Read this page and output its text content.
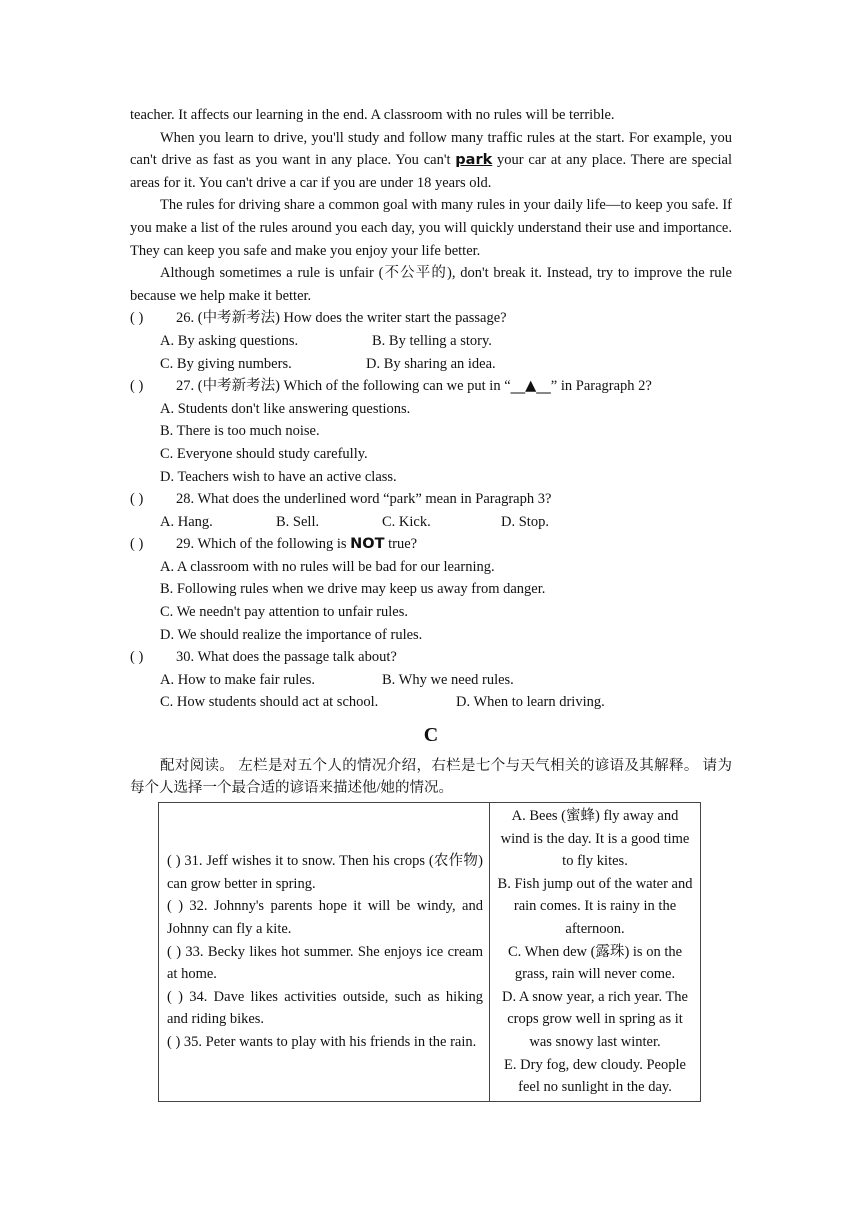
teacher. It affects our learning in the end. A classroom with no rules will be terrible.

When you learn to drive, you'll study and follow many traffic rules at the start. For example, you can't drive as fast as you want in any place. You can't park your car at any place. There are special areas for it. You can't drive a car if you are under 18 years old.

The rules for driving share a common goal with many rules in your daily life—to keep you safe. If you make a list of the rules around you each day, you will quickly understand their use and importance. They can keep you safe and make you enjoy your life better.

Although sometimes a rule is unfair (不公平的), don't break it. Instead, try to improve the rule because we help make it better.

( )	26. (中考新考法) How does the writer start the passage?
A. By asking questions.	B. By telling a story.
C. By giving numbers.	D. By sharing an idea.
( )	27. (中考新考法) Which of the following can we put in “__▲__” in Paragraph 2?
A. Students don't like answering questions.
B. There is too much noise.
C. Everyone should study carefully.
D. Teachers wish to have an active class.
( )	28. What does the underlined word “park” mean in Paragraph 3?
A. Hang.	B. Sell.	C. Kick.	D. Stop.
( )	29. Which of the following is NOT true?
A. A classroom with no rules will be bad for our learning.
B. Following rules when we drive may keep us away from danger.
C. We needn't pay attention to unfair rules.
D. We should realize the importance of rules.
( )	30. What does the passage talk about?
A. How to make fair rules.	B. Why we need rules.
C. How students should act at school.	D. When to learn driving.
C

配对阅读。 左栏是对五个人的情况介绍，右栏是七个与天气相关的谚语及其解释。 请为每个人选择一个最合适的谚语来描述他/她的情况。

( ) 31. Jeff wishes it to snow. Then his crops (农作物) can grow better in spring.
( ) 32. Johnny's parents hope it will be windy, and Johnny can fly a kite.
( ) 33. Becky likes hot summer. She enjoys ice cream at home.
( ) 34. Dave likes activities outside, such as hiking and riding bikes.
( ) 35. Peter wants to play with his friends in the rain.

A. Bees (蜜蜂) fly away and wind is the day. It is a good time to fly kites.
B. Fish jump out of the water and rain comes. It is rainy in the afternoon.
C. When dew (露珠) is on the grass, rain will never come.
D. A snow year, a rich year. The crops grow well in spring as it was snowy last winter.
E. Dry fog, dew cloudy. People feel no sunlight in the day.
